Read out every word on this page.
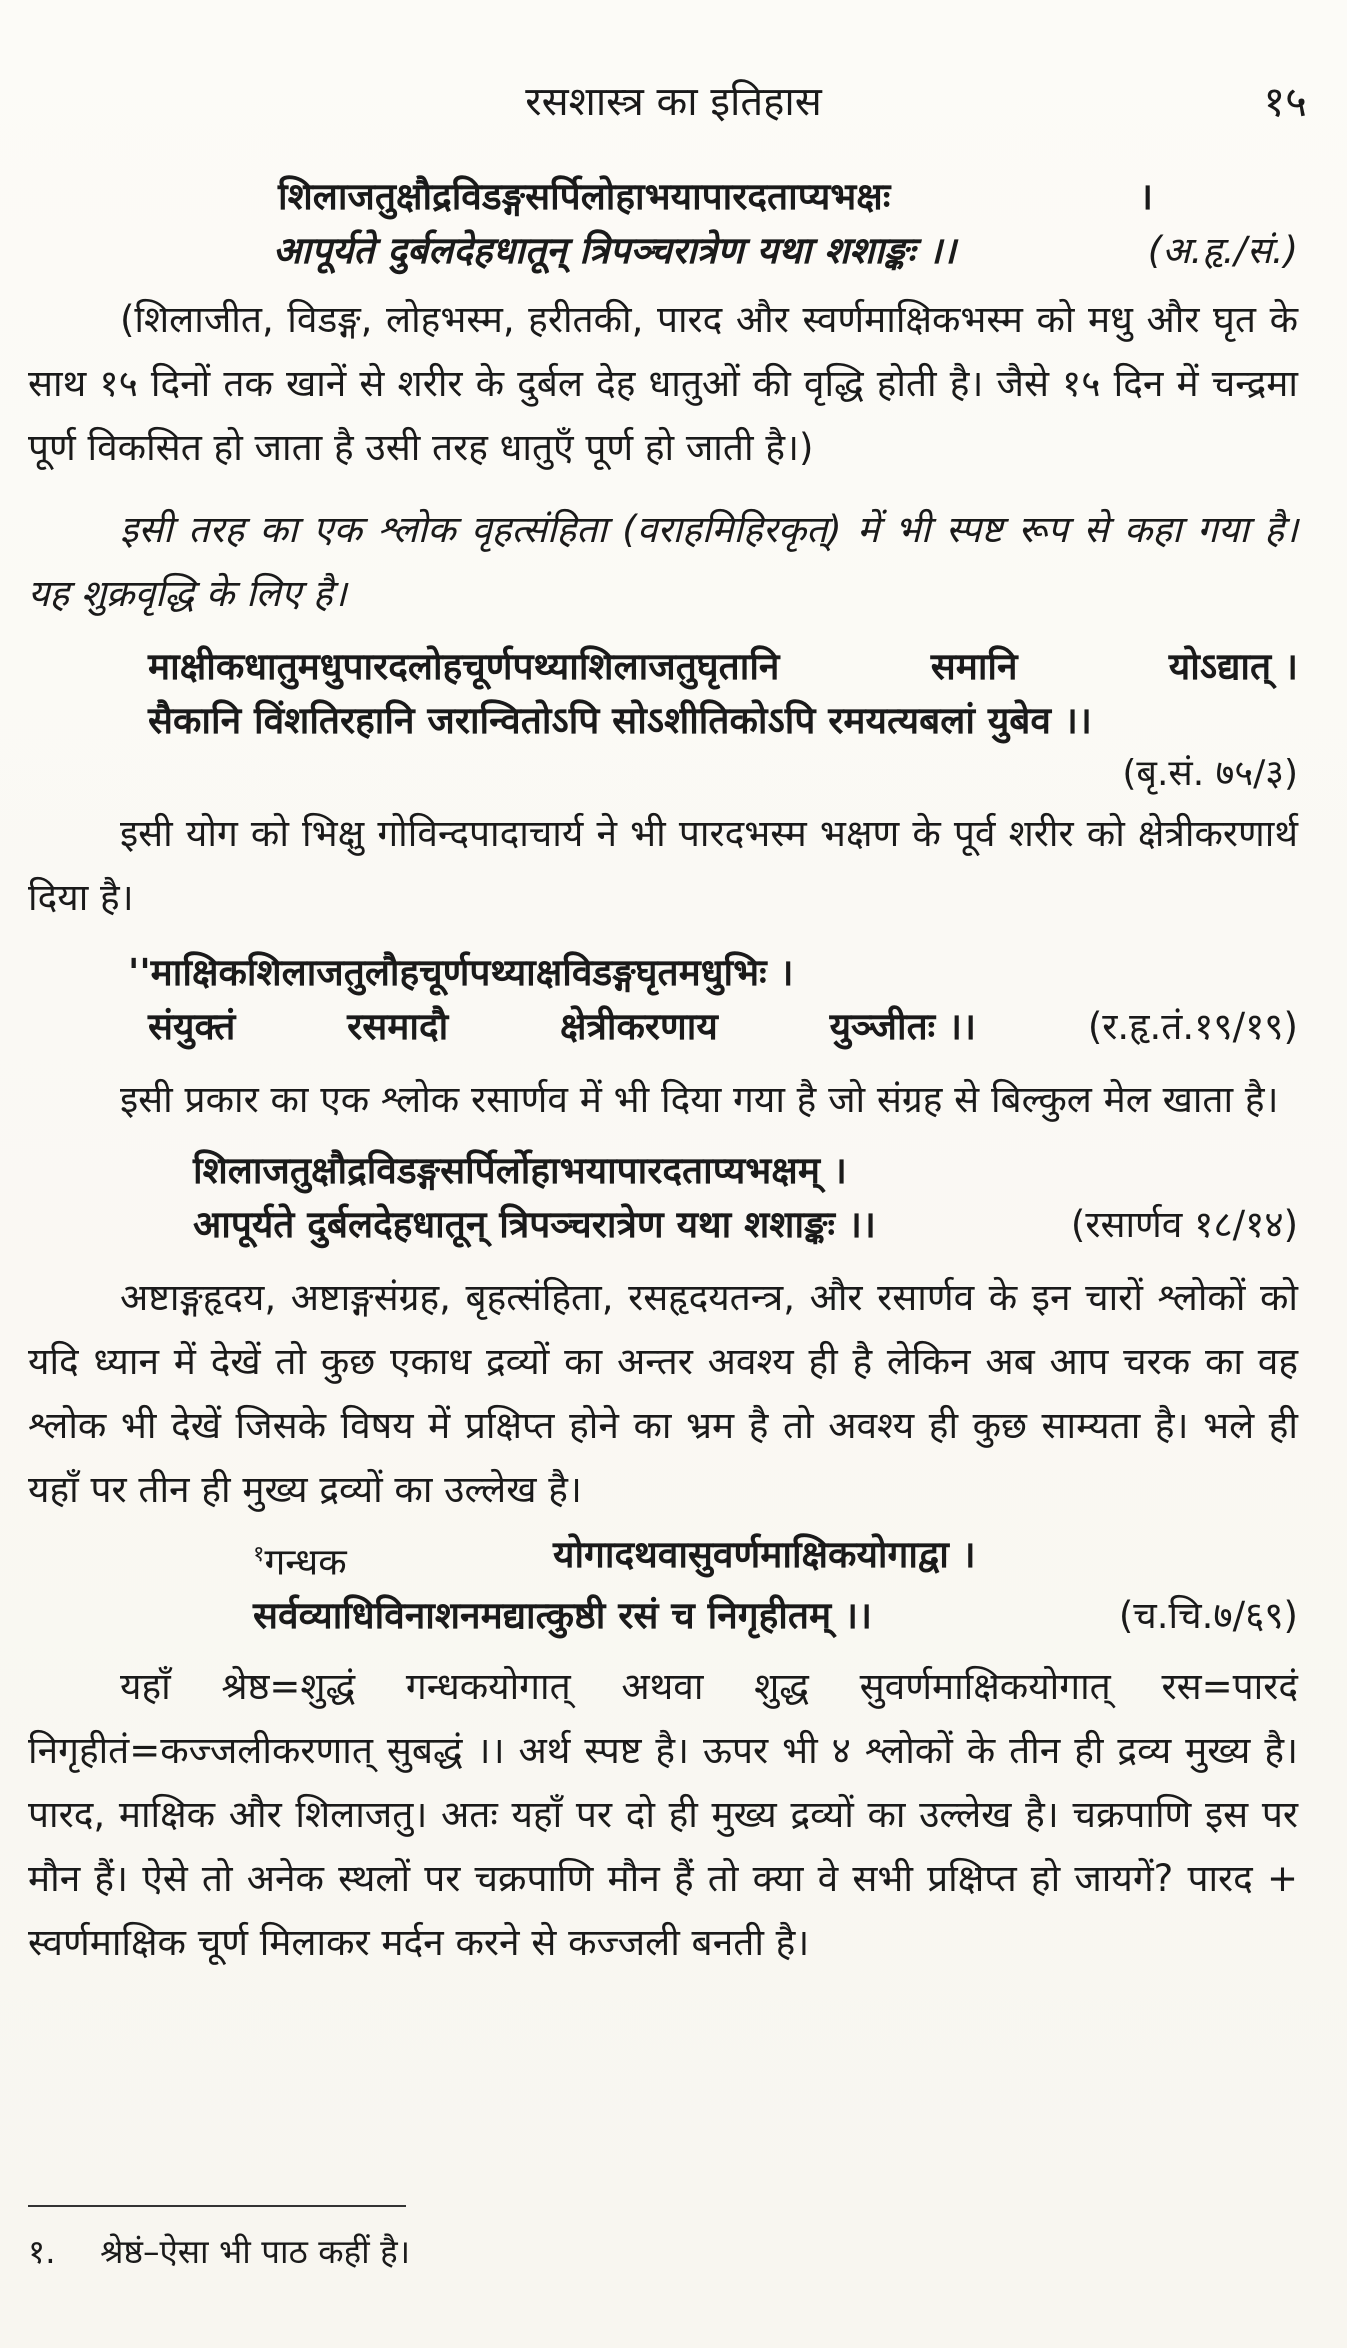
रसशास्त्र का इतिहास	१५
शिलाजतुक्षौद्रविडङ्गसर्पिलोहाभयापारदताप्यभक्षः	।
आपूर्यते दुर्बलदेहधातून् त्रिपञ्चरात्रेण यथा शशाङ्कः ।।	(अ.हृ./सं.)

(शिलाजीत, विडङ्ग, लोहभस्म, हरीतकी, पारद और स्वर्णमाक्षिकभस्म को मधु और घृत के साथ १५ दिनों तक खानें से शरीर के दुर्बल देह धातुओं की वृद्धि होती है। जैसे १५ दिन में चन्द्रमा पूर्ण विकसित हो जाता है उसी तरह धातुएँ पूर्ण हो जाती है।)

इसी तरह का एक श्लोक वृहत्संहिता (वराहमिहिरकृत्) में भी स्पष्ट रूप से कहा गया है। यह शुक्रवृद्धि के लिए है।

माक्षीकधातुमधुपारदलोहचूर्णपथ्याशिलाजतुघृतानि	समानि	योऽद्यात् ।
सैकानि विंशतिरहानि जरान्वितोऽपि सोऽशीतिकोऽपि रमयत्यबलां युबेव ।।
(बृ.सं. ७५/३)

इसी योग को भिक्षु गोविन्दपादाचार्य ने भी पारदभस्म भक्षण के पूर्व शरीर को क्षेत्रीकरणार्थ दिया है।

''माक्षिकशिलाजतुलौहचूर्णपथ्याक्षविडङ्गघृतमधुभिः ।
संयुक्तं	रसमादौ	क्षेत्रीकरणाय	युञ्जीतः ।।	(र.हृ.तं.१९/१९)

इसी प्रकार का एक श्लोक रसार्णव में भी दिया गया है जो संग्रह से बिल्कुल मेल खाता है।

शिलाजतुक्षौद्रविडङ्गसर्पिर्लोहाभयापारदताप्यभक्षम् ।
आपूर्यते दुर्बलदेहधातून् त्रिपञ्चरात्रेण यथा शशाङ्कः ।।	(रसार्णव १८/१४)

अष्टाङ्गहृदय, अष्टाङ्गसंग्रह, बृहत्संहिता, रसहृदयतन्त्र, और रसार्णव के इन चारों श्लोकों को यदि ध्यान में देखें तो कुछ एकाध द्रव्यों का अन्तर अवश्य ही है लेकिन अब आप चरक का वह श्लोक भी देखें जिसके विषय में प्रक्षिप्त होने का भ्रम है तो अवश्य ही कुछ साम्यता है। भले ही यहाँ पर तीन ही मुख्य द्रव्यों का उल्लेख है।

$^१$गन्धक	योगादथवासुवर्णमाक्षिकयोगाद्वा ।
सर्वव्याधिविनाशनमद्यात्कुष्ठी रसं च निगृहीतम् ।।	(च.चि.७/६९)

यहाँ श्रेष्ठ=शुद्धं गन्धकयोगात् अथवा शुद्ध सुवर्णमाक्षिकयोगात् रस=पारदं निगृहीतं=कज्जलीकरणात् सुबद्धं ।। अर्थ स्पष्ट है। ऊपर भी ४ श्लोकों के तीन ही द्रव्य मुख्य है। पारद, माक्षिक और शिलाजतु। अतः यहाँ पर दो ही मुख्य द्रव्यों का उल्लेख है। चक्रपाणि इस पर मौन हैं। ऐसे तो अनेक स्थलों पर चक्रपाणि मौन हैं तो क्या वे सभी प्रक्षिप्त हो जायगें? पारद + स्वर्णमाक्षिक चूर्ण मिलाकर मर्दन करने से कज्जली बनती है।

१. श्रेष्ठं–ऐसा भी पाठ कहीं है।
